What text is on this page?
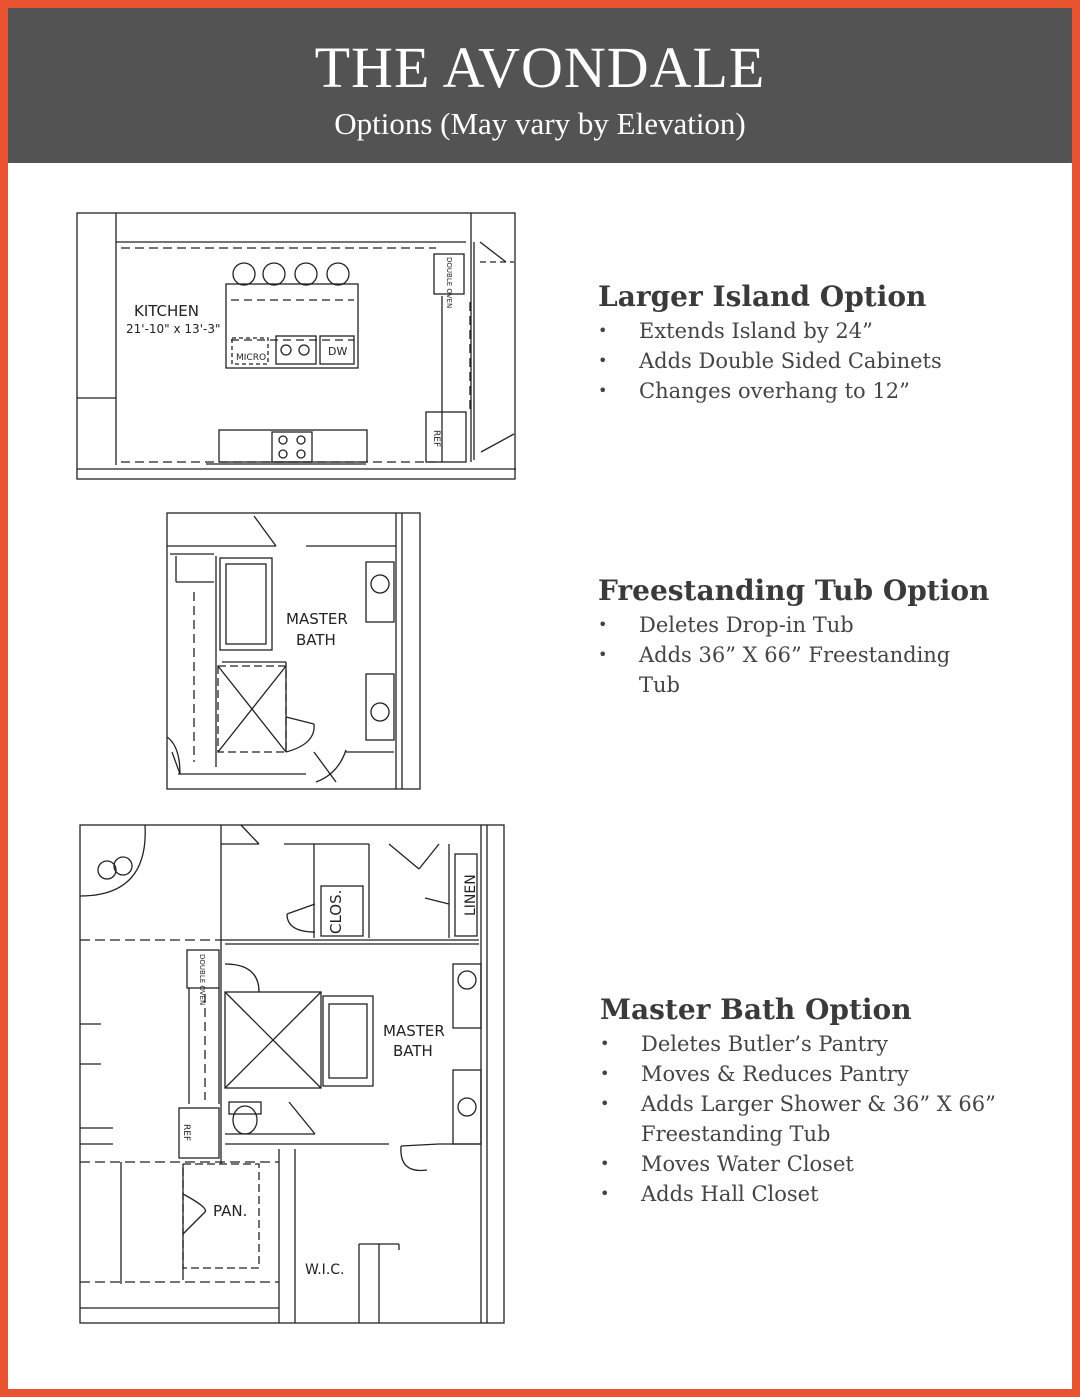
THE AVONDALE
Options (May vary by Elevation)
KITCHEN
21'-10" x 13'-3"
MICRO	DW
DOUBLE OVEN
REF
MASTER
BATH
MASTER
BATH
CLOS.	LINEN
DOUBLE OVEN
REF
PAN.
W.I.C.
Larger Island Option
• Extends Island by 24”
• Adds Double Sided Cabinets
• Changes overhang to 12”
Freestanding Tub Option
• Deletes Drop-in Tub
• Adds 36” X 66” Freestanding Tub
Master Bath Option
• Deletes Butler’s Pantry
• Moves & Reduces Pantry
• Adds Larger Shower & 36” X 66” Freestanding Tub
• Moves Water Closet
• Adds Hall Closet
